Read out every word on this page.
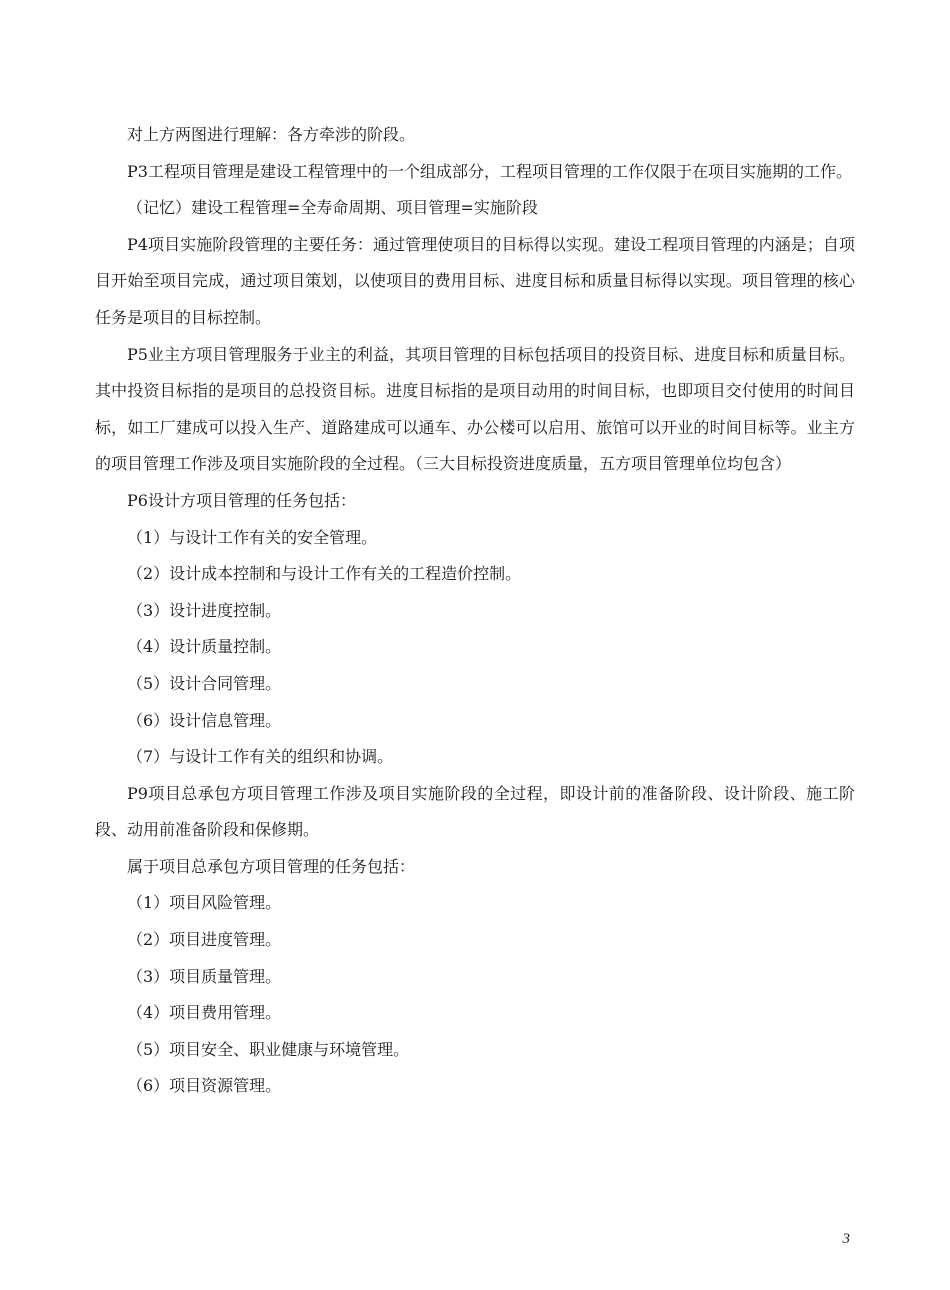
对上方两图进行理解：各方牵涉的阶段。

P3工程项目管理是建设工程管理中的一个组成部分，工程项目管理的工作仅限于在项目实施期的工作。

（记忆）建设工程管理=全寿命周期、项目管理=实施阶段

P4项目实施阶段管理的主要任务：通过管理使项目的目标得以实现。建设工程项目管理的内涵是；自项目开始至项目完成，通过项目策划，以使项目的费用目标、进度目标和质量目标得以实现。项目管理的核心任务是项目的目标控制。

P5业主方项目管理服务于业主的利益，其项目管理的目标包括项目的投资目标、进度目标和质量目标。其中投资目标指的是项目的总投资目标。进度目标指的是项目动用的时间目标，也即项目交付使用的时间目标，如工厂建成可以投入生产、道路建成可以通车、办公楼可以启用、旅馆可以开业的时间目标等。业主方的项目管理工作涉及项目实施阶段的全过程。（三大目标投资进度质量，五方项目管理单位均包含）

P6设计方项目管理的任务包括：

（1）与设计工作有关的安全管理。

（2）设计成本控制和与设计工作有关的工程造价控制。

（3）设计进度控制。

（4）设计质量控制。

（5）设计合同管理。

（6）设计信息管理。

（7）与设计工作有关的组织和协调。

P9项目总承包方项目管理工作涉及项目实施阶段的全过程，即设计前的准备阶段、设计阶段、施工阶段、动用前准备阶段和保修期。

属于项目总承包方项目管理的任务包括：

（1）项目风险管理。

（2）项目进度管理。

（3）项目质量管理。

（4）项目费用管理。

（5）项目安全、职业健康与环境管理。

（6）项目资源管理。

3
